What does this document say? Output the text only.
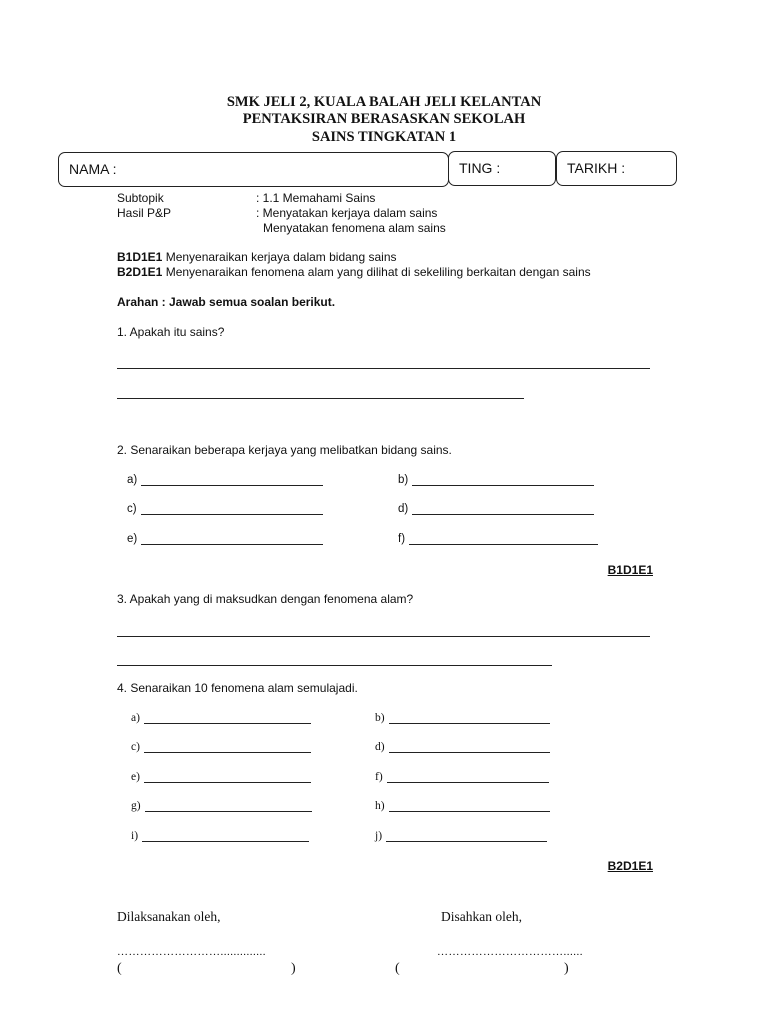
SMK JELI 2, KUALA BALAH JELI KELANTAN
PENTAKSIRAN BERASASKAN SEKOLAH
SAINS TINGKATAN 1
NAMA :	TING :	TARIKH :
Subtopik	: 1.1 Memahami Sains
Hasil P&P	: Menyatakan kerjaya dalam sains
Menyatakan fenomena alam sains
B1D1E1 Menyenaraikan kerjaya dalam bidang sains
B2D1E1 Menyenaraikan fenomena alam yang dilihat di sekeliling berkaitan dengan sains
Arahan : Jawab semua soalan berikut.
1. Apakah itu sains?
2. Senaraikan beberapa kerjaya yang melibatkan bidang sains.
a)	b)
c)	d)
e)	f)
B1D1E1
3. Apakah yang di maksudkan dengan fenomena alam?
4. Senaraikan 10 fenomena alam semulajadi.
a)	b)
c)	d)
e)	f)
g)	h)
i)	j)
B2D1E1
Dilaksanakan oleh,	Disahkan oleh,
………………………..............	……………………………......
(	)	(	)
